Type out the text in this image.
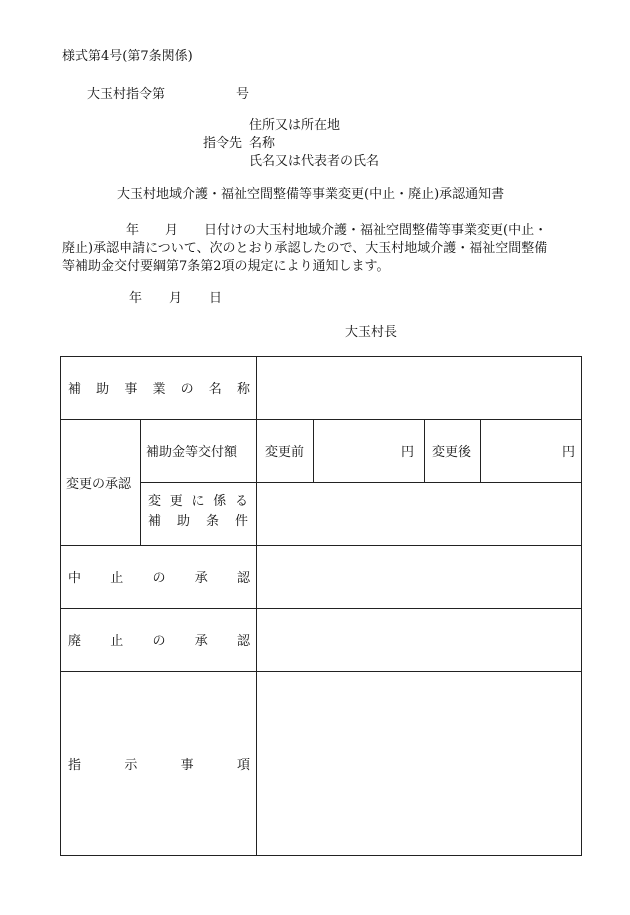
様式第4号(第7条関係)
大玉村指令第	号
住所又は所在地
指令先 名称
氏名又は代表者の氏名
大玉村地域介護・福祉空間整備等事業変更(中止・廃止)承認通知書
年　　月　　日付けの大玉村地域介護・福祉空間整備等事業変更(中止・
廃止)承認申請について、次のとおり承認したので、大玉村地域介護・福祉空間整備
等補助金交付要綱第7条第2項の規定により通知します。
年 月 日
大玉村長
補 助 事 業 の 名 称
変更の承認
補助金等交付額 変更前	円 変更後	円
変 更 に 係 る
補 助 条 件
中 止 の 承 認
廃 止 の 承 認
指	示	事	項
